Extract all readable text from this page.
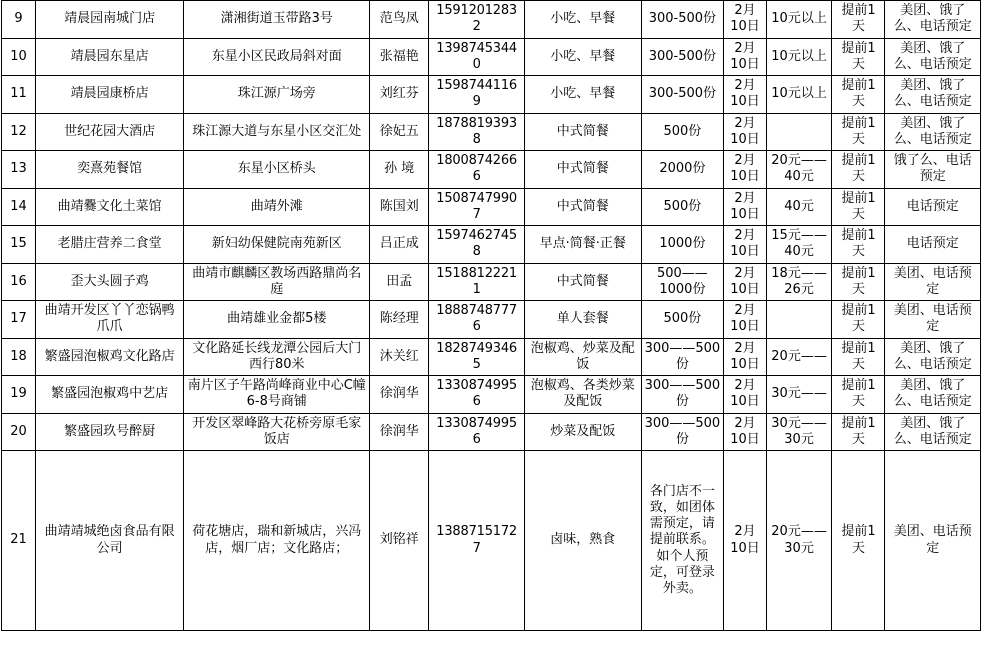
9	靖晨园南城门店	潇湘街道玉带路3号	范鸟凤	15912012832	小吃、早餐	300-500份	2月10日	10元以上	提前1天	美团、饿了么、电话预定
10	靖晨园东星店	东星小区民政局斜对面	张福艳	13987453440	小吃、早餐	300-500份	2月10日	10元以上	提前1天	美团、饿了么、电话预定
11	靖晨园康桥店	珠江源广场旁	刘红芬	15987441169	小吃、早餐	300-500份	2月10日	10元以上	提前1天	美团、饿了么、电话预定
12	世纪花园大酒店	珠江源大道与东星小区交汇处	徐妃五	18788193938	中式简餐	500份	2月10日		提前1天	美团、饿了么、电话预定
13	奕熹苑餐馆	东星小区桥头	孙 境	18008742666	中式简餐	2000份	2月10日	20元——40元	提前1天	饿了么、电话预定
14	曲靖爨文化土菜馆	曲靖外滩	陈国刘	15087479907	中式简餐	500份	2月10日	40元	提前1天	电话预定
15	老腊庄营养二食堂	新妇幼保健院南苑新区	吕正成	15974627458	早点·简餐·正餐	1000份	2月10日	15元——40元	提前1天	电话预定
16	歪大头圆子鸡	曲靖市麒麟区教场西路鼎尚名庭	田孟	15188122211	中式简餐	500——1000份	2月10日	18元——26元	提前1天	美团、电话预定
17	曲靖开发区丫丫恋锅鸭爪爪	曲靖雄业金都5楼	陈经理	18887487776	单人套餐	500份	2月10日		提前1天	美团、电话预定
18	繁盛园泡椒鸡文化路店	文化路延长线龙潭公园后大门西行80米	沐关红	18287493465	泡椒鸡、炒菜及配饭	300——500份	2月10日	20元——	提前1天	美团、饿了么、电话预定
19	繁盛园泡椒鸡中艺店	南片区子午路尚峰商业中心C幢6-8号商铺	徐润华	13308749956	泡椒鸡、各类炒菜及配饭	300——500份	2月10日	30元——	提前1天	美团、饿了么、电话预定
20	繁盛园玖号醉厨	开发区翠峰路大花桥旁原毛家饭店	徐润华	13308749956	炒菜及配饭	300——500份	2月10日	30元——30元	提前1天	美团、饿了么、电话预定
21	曲靖靖城绝卤食品有限公司	荷花塘店，瑞和新城店，兴冯店，烟厂店；文化路店；	刘铭祥	13887151727	卤味，熟食	各门店不一致，如团体需预定，请提前联系。如个人预定，可登录外卖。	2月10日	20元——30元	提前1天	美团、电话预定
